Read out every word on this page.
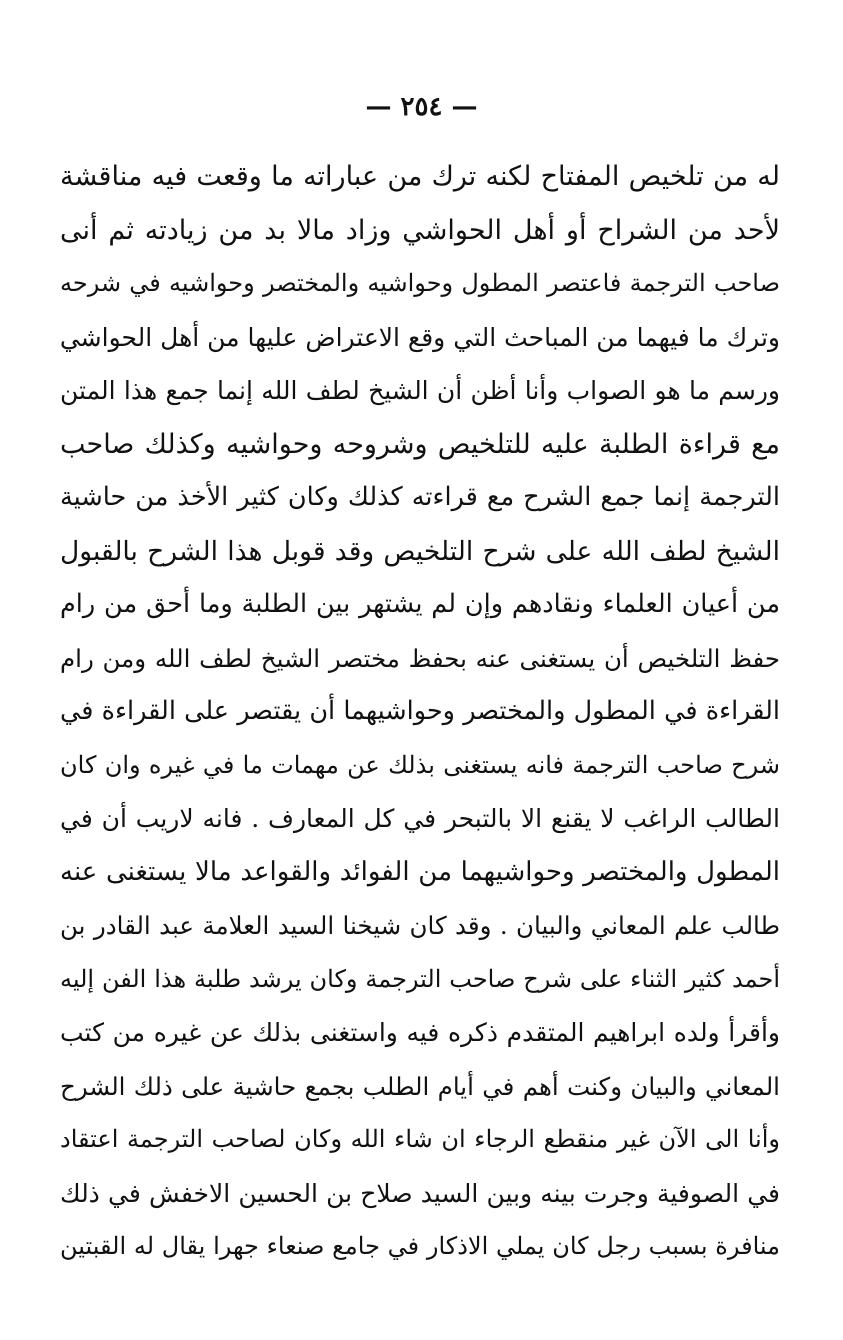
— ٢٥٤ —
له من تلخيص المفتاح لكنه ترك من عباراته ما وقعت فيه مناقشة
لأحد من الشراح أو أهل الحواشي وزاد مالا بد من زيادته ثم أنى
صاحب الترجمة فاعتصر المطول وحواشيه والمختصر وحواشيه في شرحه
وترك ما فيهما من المباحث التي وقع الاعتراض عليها من أهل الحواشي
ورسم ما هو الصواب وأنا أظن أن الشيخ لطف الله إنما جمع هذا المتن
مع قراءة الطلبة عليه للتلخيص وشروحه وحواشيه وكذلك صاحب
الترجمة إنما جمع الشرح مع قراءته كذلك وكان كثير الأخذ من حاشية
الشيخ لطف الله على شرح التلخيص وقد قوبل هذا الشرح بالقبول
من أعيان العلماء ونقادهم وإن لم يشتهر بين الطلبة وما أحق من رام
حفظ التلخيص أن يستغنى عنه بحفظ مختصر الشيخ لطف الله ومن رام
القراءة في المطول والمختصر وحواشيهما أن يقتصر على القراءة في
شرح صاحب الترجمة فانه يستغنى بذلك عن مهمات ما في غيره وان كان
الطالب الراغب لا يقنع الا بالتبحر في كل المعارف . فانه لاريب أن في
المطول والمختصر وحواشيهما من الفوائد والقواعد مالا يستغنى عنه
طالب علم المعاني والبيان . وقد كان شيخنا السيد العلامة عبد القادر بن
أحمد كثير الثناء على شرح صاحب الترجمة وكان يرشد طلبة هذا الفن إليه
وأقرأ ولده ابراهيم المتقدم ذكره فيه واستغنى بذلك عن غيره من كتب
المعاني والبيان وكنت أهم في أيام الطلب بجمع حاشية على ذلك الشرح
وأنا الى الآن غير منقطع الرجاء ان شاء الله وكان لصاحب الترجمة اعتقاد
في الصوفية وجرت بينه وبين السيد صلاح بن الحسين الاخفش في ذلك
منافرة بسبب رجل كان يملي الاذكار في جامع صنعاء جهرا يقال له القبتين
